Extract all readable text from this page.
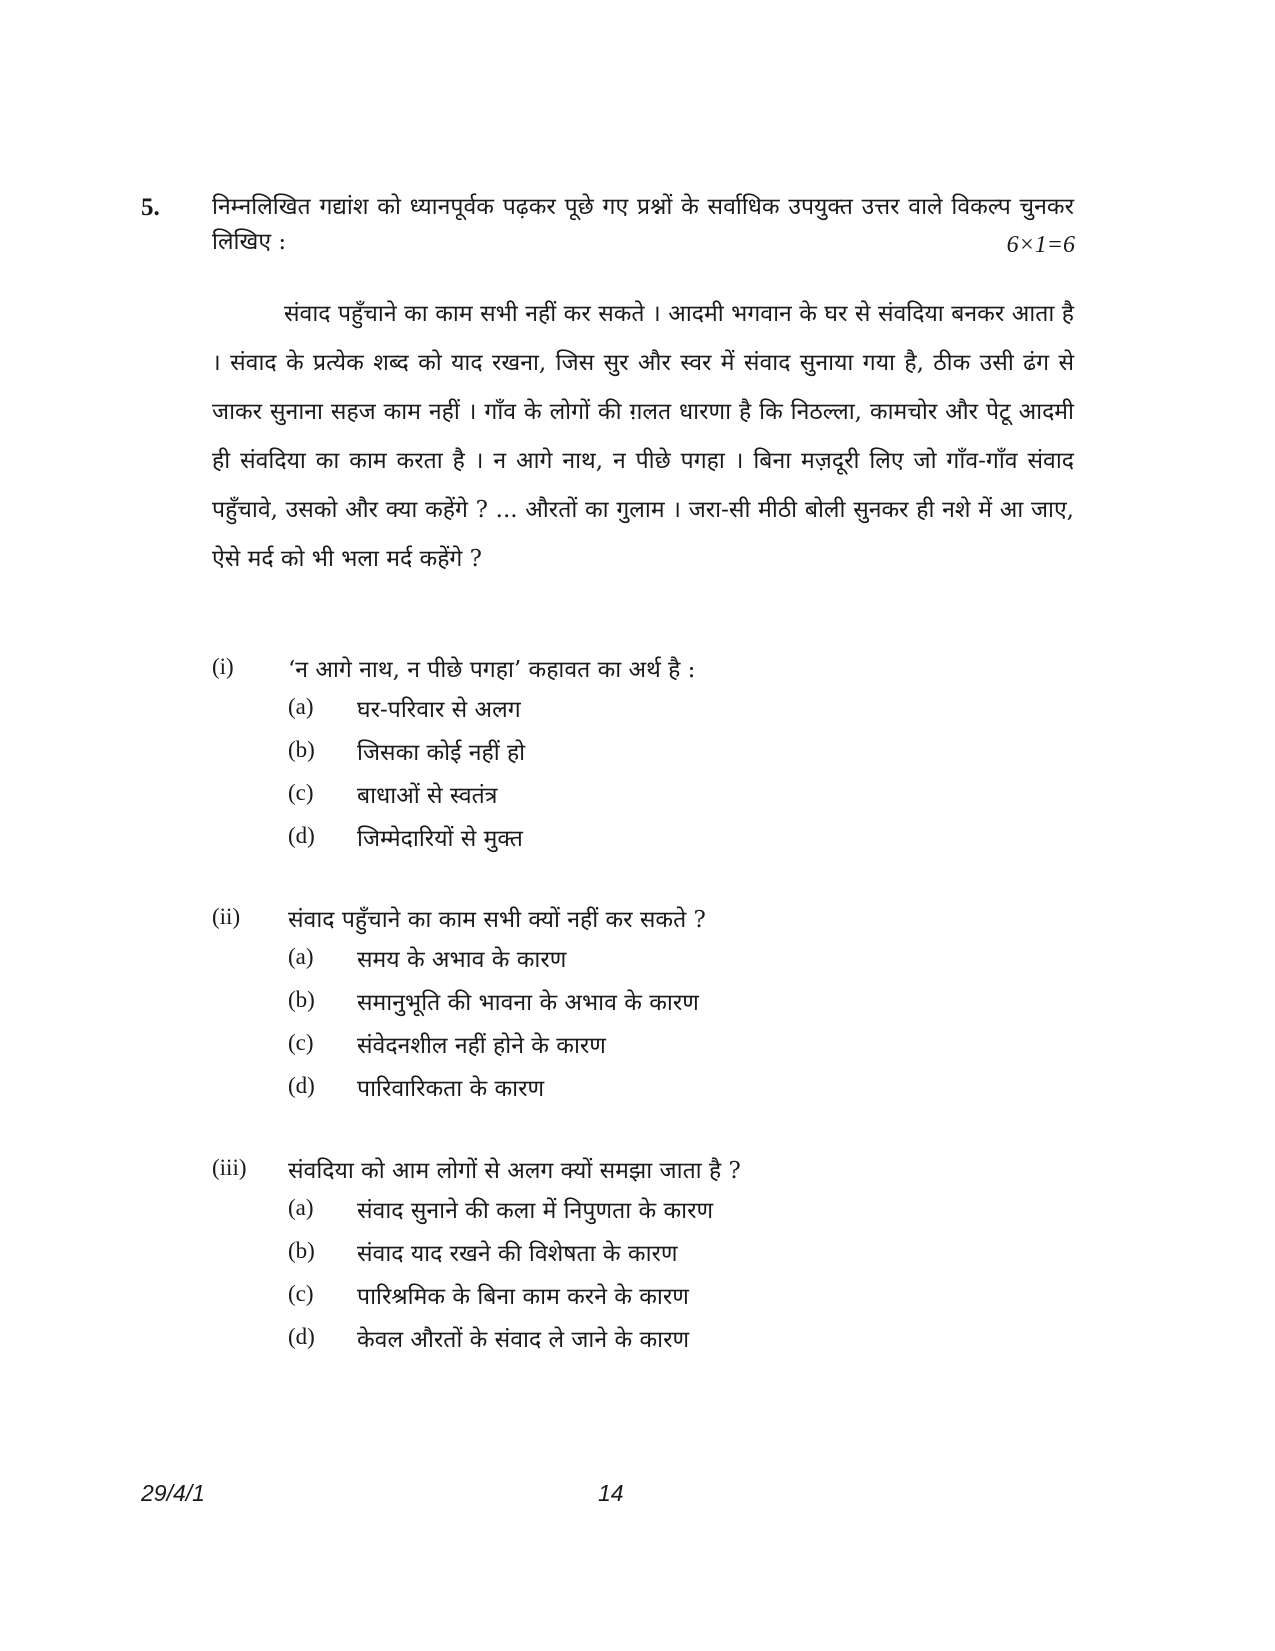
5. निम्नलिखित गद्यांश को ध्यानपूर्वक पढ़कर पूछे गए प्रश्नों के सर्वाधिक उपयुक्त उत्तर वाले विकल्प चुनकर लिखिए :	6×1=6
संवाद पहुँचाने का काम सभी नहीं कर सकते । आदमी भगवान के घर से संवदिया बनकर आता है । संवाद के प्रत्येक शब्द को याद रखना, जिस सुर और स्वर में संवाद सुनाया गया है, ठीक उसी ढंग से जाकर सुनाना सहज काम नहीं । गाँव के लोगों की ग़लत धारणा है कि निठल्ला, कामचोर और पेटू आदमी ही संवदिया का काम करता है । न आगे नाथ, न पीछे पगहा । बिना मज़दूरी लिए जो गाँव-गाँव संवाद पहुँचावे, उसको और क्या कहेंगे ? ... औरतों का गुलाम । जरा-सी मीठी बोली सुनकर ही नशे में आ जाए, ऐसे मर्द को भी भला मर्द कहेंगे ?
(i) ‘न आगे नाथ, न पीछे पगहा’ कहावत का अर्थ है :
(a) घर-परिवार से अलग
(b) जिसका कोई नहीं हो
(c) बाधाओं से स्वतंत्र
(d) जिम्मेदारियों से मुक्त
(ii) संवाद पहुँचाने का काम सभी क्यों नहीं कर सकते ?
(a) समय के अभाव के कारण
(b) समानुभूति की भावना के अभाव के कारण
(c) संवेदनशील नहीं होने के कारण
(d) पारिवारिकता के कारण
(iii) संवदिया को आम लोगों से अलग क्यों समझा जाता है ?
(a) संवाद सुनाने की कला में निपुणता के कारण
(b) संवाद याद रखने की विशेषता के कारण
(c) पारिश्रमिक के बिना काम करने के कारण
(d) केवल औरतों के संवाद ले जाने के कारण
29/4/1	14
